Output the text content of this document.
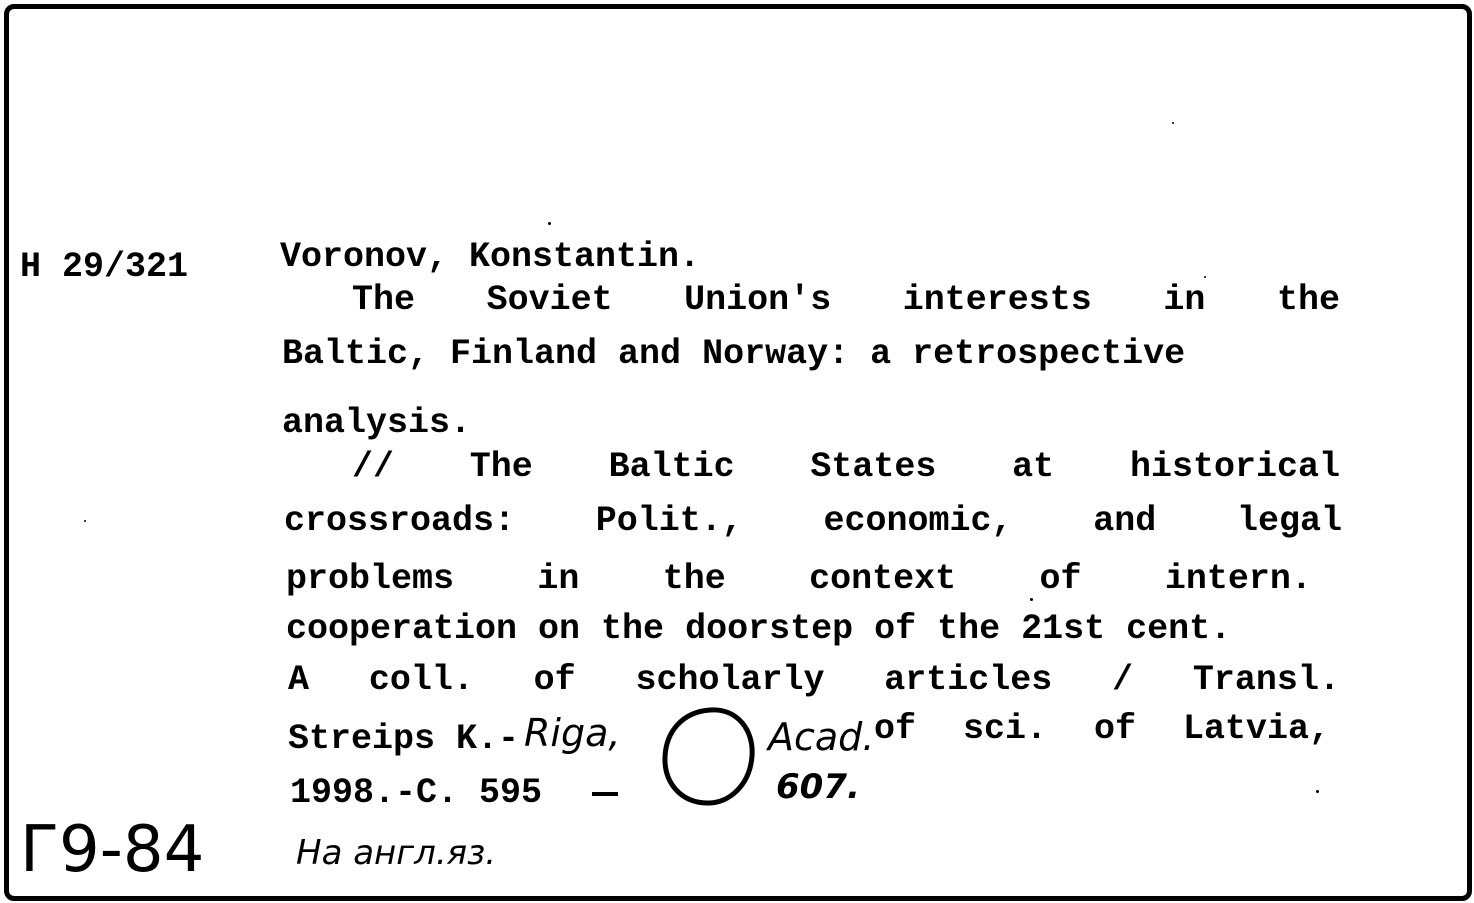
H 29/321	Voronov, Konstantin.
The Soviet Union's interests in the
Baltic, Finland and Norway: a retrospective
analysis.
// The Baltic States at historical
crossroads: Polit., economic, and legal
problems in the context of intern.
cooperation on the doorstep of the 21st cent.
A coll. of scholarly articles / Transl.
Streips K.- Riga,	Acad. of sci. of Latvia,
1998.-C. 595	607.
Г9-84	На англ.яз.
